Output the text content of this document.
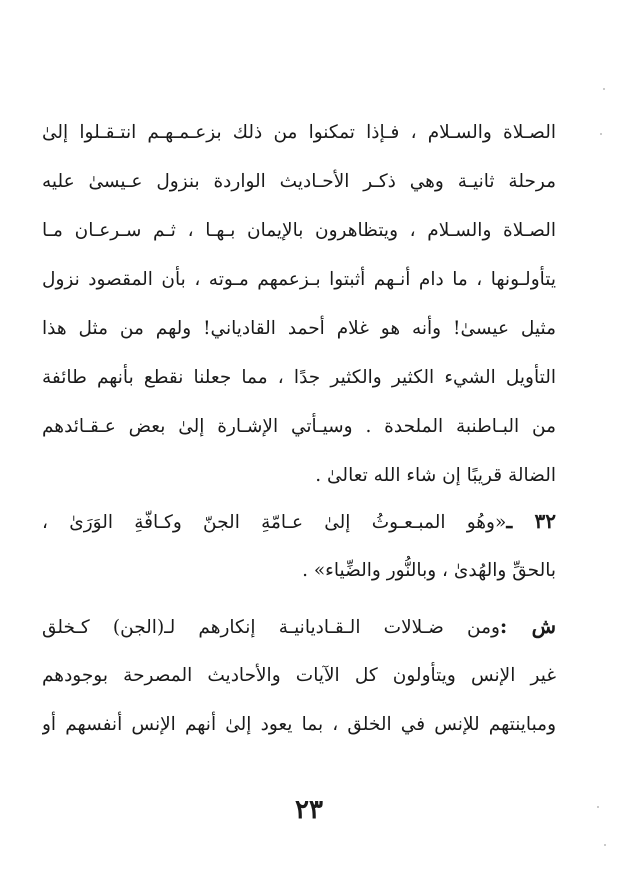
الصـلاة والسـلام ، فـإذا تمكنوا من ذلك بزعـمـهـم انتـقـلوا إلىٰ
مرحلة ثانيـة وهي ذكـر الأحـاديث الواردة بنزول عـيسىٰ عليه
الصـلاة والسـلام ، ويتظاهرون بالإيمان بـهـا ، ثـم سـرعـان مـا
يتأولـونها ، ما دام أنـهم أثبتوا بـزعمهم مـوته ، بأن المقصود نزول
مثيل عيسىٰ! وأنه هو غلام أحمد القادياني! ولهم من مثل هذا
التأويل الشيء الكثير والكثير جدًا ، مما جعلنا نقطع بأنهم طائفة
من البـاطنبة الملحدة . وسيـأتي الإشـارة إلىٰ بعض عـقـائدهم
الضالة قريبًا إن شاء الله تعالىٰ .
٣٢ ـ«وهُو المبـعـوثُ إلىٰ عـامّةِ الجنّ وكـافّةِ الوَرَىٰ ،
بالحقِّ والهُدىٰ ، وبالنُّور والضِّياء» .
ش :ومن ضـلالات الـقـاديانيـة إنكارهم لـ(الجن) كـخلق
غير الإنس ويتأولون كل الآيات والأحاديث المصرحة بوجودهم
ومباينتهم للإنس في الخلق ، بما يعود إلىٰ أنهم الإنس أنفسهم أو
٢٣
